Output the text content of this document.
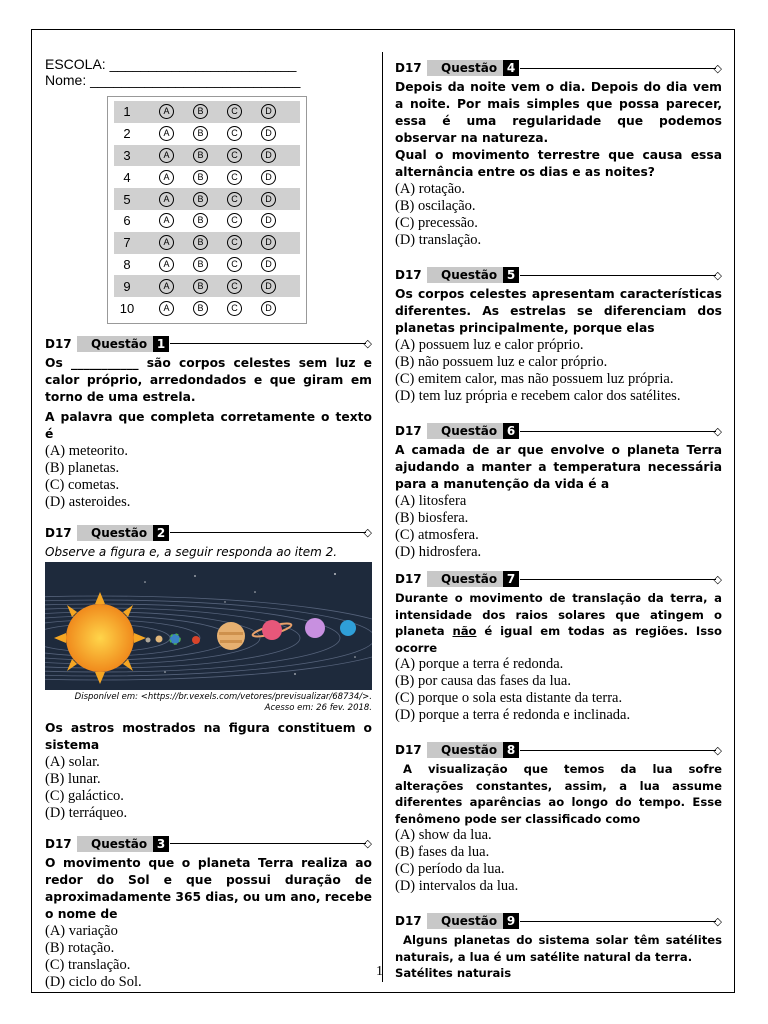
ESCOLA: ________________________
Nome: ___________________________
1	A	B	C	D
2	A	B	C	D
3	A	B	C	D
4	A	B	C	D
5	A	B	C	D
6	A	B	C	D
7	A	B	C	D
8	A	B	C	D
9	A	B	C	D
10	A	B	C	D
D17	Questão 1	◇
Os ___________ são corpos celestes sem luz e calor próprio, arredondados e que giram em torno de uma estrela.
A palavra que completa corretamente o texto é
(A) meteorito.
(B) planetas.
(C) cometas.
(D) asteroides.
D17	Questão 2	◇
Observe a figura e, a seguir responda ao item 2.
Disponível em: <https://br.vexels.com/vetores/previsualizar/68734/>.
Acesso em: 26 fev. 2018.
Os astros mostrados na figura constituem o sistema
(A) solar.
(B) lunar.
(C) galáctico.
(D) terráqueo.
D17	Questão 3	◇
O movimento que o planeta Terra realiza ao redor do Sol e que possui duração de aproximadamente 365 dias, ou um ano, recebe o nome de
(A) variação
(B) rotação.
(C) translação.
(D) ciclo do Sol.
D17	Questão 4	◇
Depois da noite vem o dia. Depois do dia vem a noite. Por mais simples que possa parecer, essa é uma regularidade que podemos observar na natureza.
Qual o movimento terrestre que causa essa alternância entre os dias e as noites?
(A) rotação.
(B) oscilação.
(C) precessão.
(D) translação.
D17	Questão 5	◇
Os corpos celestes apresentam características diferentes. As estrelas se diferenciam dos planetas principalmente, porque elas
(A) possuem luz e calor próprio.
(B) não possuem luz e calor próprio.
(C) emitem calor, mas não possuem luz própria.
(D) tem luz própria e recebem calor dos satélites.
D17	Questão 6	◇
A camada de ar que envolve o planeta Terra ajudando a manter a temperatura necessária para a manutenção da vida é a
(A) litosfera
(B) biosfera.
(C) atmosfera.
(D) hidrosfera.
D17	Questão 7	◇
Durante o movimento de translação da terra, a intensidade dos raios solares que atingem o planeta não é igual em todas as regiões. Isso ocorre
(A) porque a terra é redonda.
(B) por causa das fases da lua.
(C) porque o sola esta distante da terra.
(D) porque a terra é redonda e inclinada.
D17	Questão 8	◇
A visualização que temos da lua sofre alterações constantes, assim, a lua assume diferentes aparências ao longo do tempo. Esse fenômeno pode ser classificado como
(A) show da lua.
(B) fases da lua.
(C) período da lua.
(D) intervalos da lua.
D17	Questão 9	◇
Alguns planetas do sistema solar têm satélites naturais, a lua é um satélite natural da terra.
Satélites naturais
1
